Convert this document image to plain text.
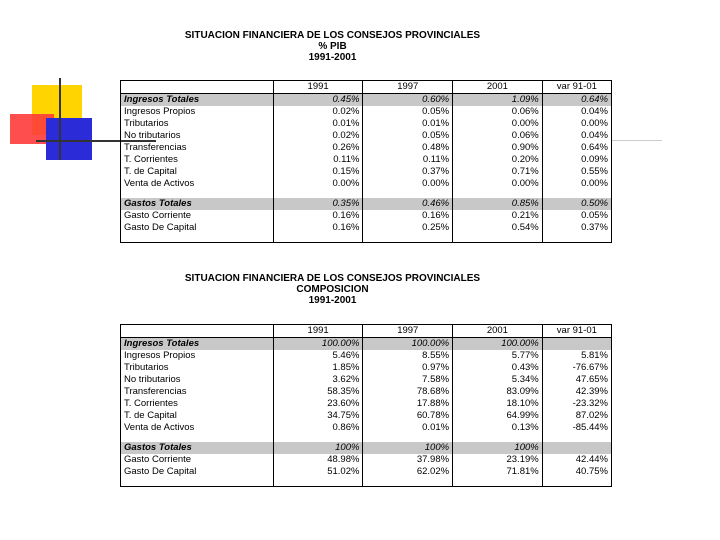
SITUACION FINANCIERA DE LOS CONSEJOS PROVINCIALES
% PIB
1991-2001
	1991	1997	2001	var 91-01
Ingresos Totales	0.45%	0.60%	1.09%	0.64%
Ingresos Propios	0.02%	0.05%	0.06%	0.04%
Tributarios	0.01%	0.01%	0.00%	0.00%
No tributarios	0.02%	0.05%	0.06%	0.04%
Transferencias	0.26%	0.48%	0.90%	0.64%
T. Corrientes	0.11%	0.11%	0.20%	0.09%
T. de Capital	0.15%	0.37%	0.71%	0.55%
Venta de Activos	0.00%	0.00%	0.00%	0.00%

Gastos Totales	0.35%	0.46%	0.85%	0.50%
Gasto Corriente	0.16%	0.16%	0.21%	0.05%
Gasto De Capital	0.16%	0.25%	0.54%	0.37%

SITUACION FINANCIERA DE LOS CONSEJOS PROVINCIALES
COMPOSICION
1991-2001
	1991	1997	2001	var 91-01
Ingresos Totales	100.00%	100.00%	100.00%	
Ingresos Propios	5.46%	8.55%	5.77%	5.81%
Tributarios	1.85%	0.97%	0.43%	-76.67%
No tributarios	3.62%	7.58%	5.34%	47.65%
Transferencias	58.35%	78.68%	83.09%	42.39%
T. Corrientes	23.60%	17.88%	18.10%	-23.32%
T. de Capital	34.75%	60.78%	64.99%	87.02%
Venta de Activos	0.86%	0.01%	0.13%	-85.44%

Gastos Totales	100%	100%	100%	
Gasto Corriente	48.98%	37.98%	23.19%	42.44%
Gasto De Capital	51.02%	62.02%	71.81%	40.75%
